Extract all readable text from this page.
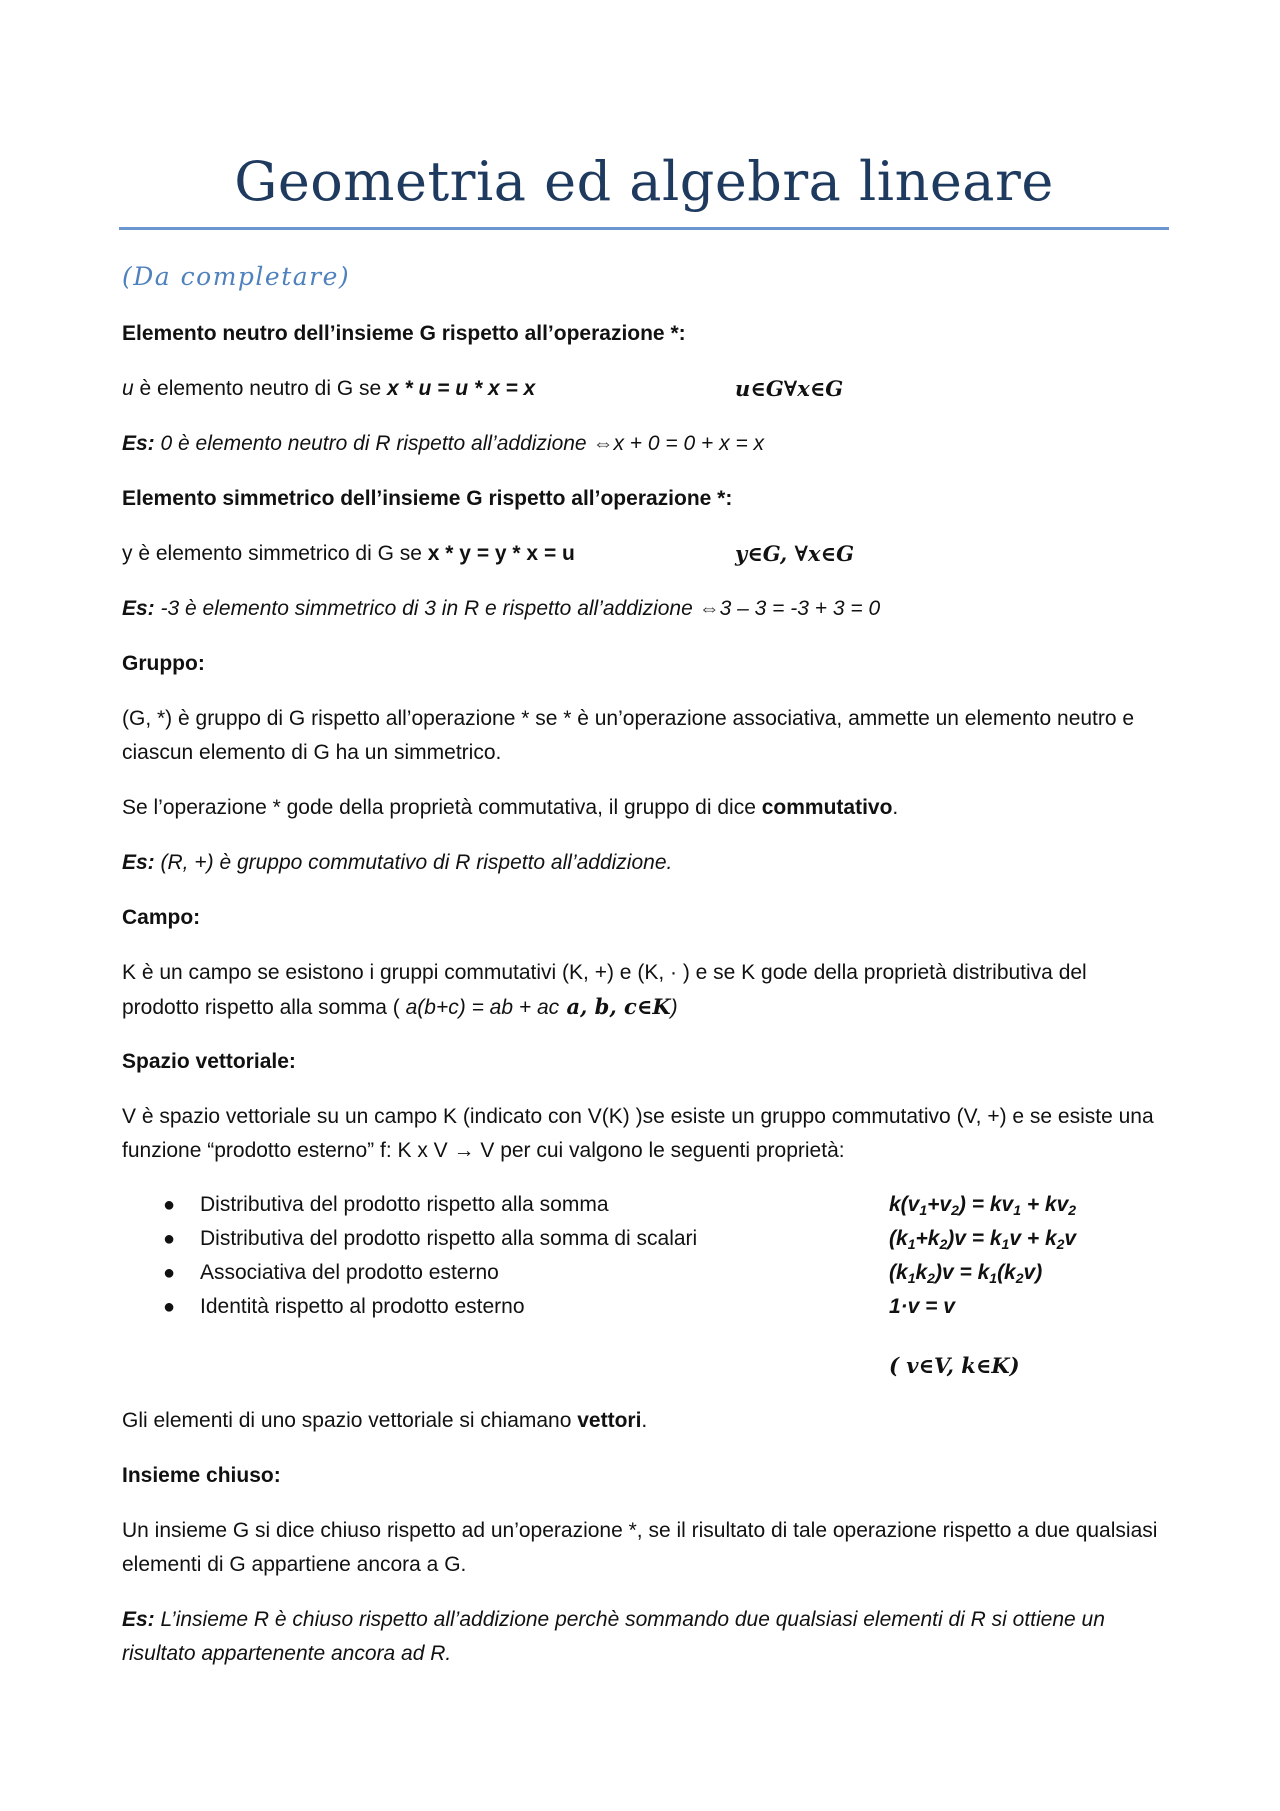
Geometria ed algebra lineare
(Da completare)
Elemento neutro dell’insieme G rispetto all’operazione *:
u è elemento neutro di G se x * u = u * x = x	u∈G∀x∈G
Es: 0 è elemento neutro di R rispetto all’addizione ⇔x + 0 = 0 + x = x
Elemento simmetrico dell’insieme G rispetto all’operazione *:
y è elemento simmetrico di G se x * y = y * x = u	y∈G, ∀x∈G
Es: -3 è elemento simmetrico di 3 in R e rispetto all’addizione ⇔3 – 3 = -3 + 3 = 0
Gruppo:
(G, *) è gruppo di G rispetto all’operazione * se * è un’operazione associativa, ammette un elemento neutro e ciascun elemento di G ha un simmetrico.
Se l’operazione * gode della proprietà commutativa, il gruppo di dice commutativo.
Es: (R, +) è gruppo commutativo di R rispetto all’addizione.
Campo:
K è un campo se esistono i gruppi commutativi (K, +) e (K, · ) e se K gode della proprietà distributiva del prodotto rispetto alla somma ( a(b+c) = ab + ac a, b, c∈K)
Spazio vettoriale:
V è spazio vettoriale su un campo K (indicato con V(K) )se esiste un gruppo commutativo (V, +) e se esiste una funzione “prodotto esterno” f: K x V → V per cui valgono le seguenti proprietà:
● Distributiva del prodotto rispetto alla somma	$k(v_1+v_2) = kv_1 + kv_2$
● Distributiva del prodotto rispetto alla somma di scalari	$(k_1+k_2)v = k_1v + k_2v$
● Associativa del prodotto esterno	$(k_1k_2)v = k_1(k_2v)$
● Identità rispetto al prodotto esterno	1·v = v
( v∈V, k∈K)
Gli elementi di uno spazio vettoriale si chiamano vettori.
Insieme chiuso:
Un insieme G si dice chiuso rispetto ad un’operazione *, se il risultato di tale operazione rispetto a due qualsiasi elementi di G appartiene ancora a G.
Es: L’insieme R è chiuso rispetto all’addizione perchè sommando due qualsiasi elementi di R si ottiene un risultato appartenente ancora ad R.
